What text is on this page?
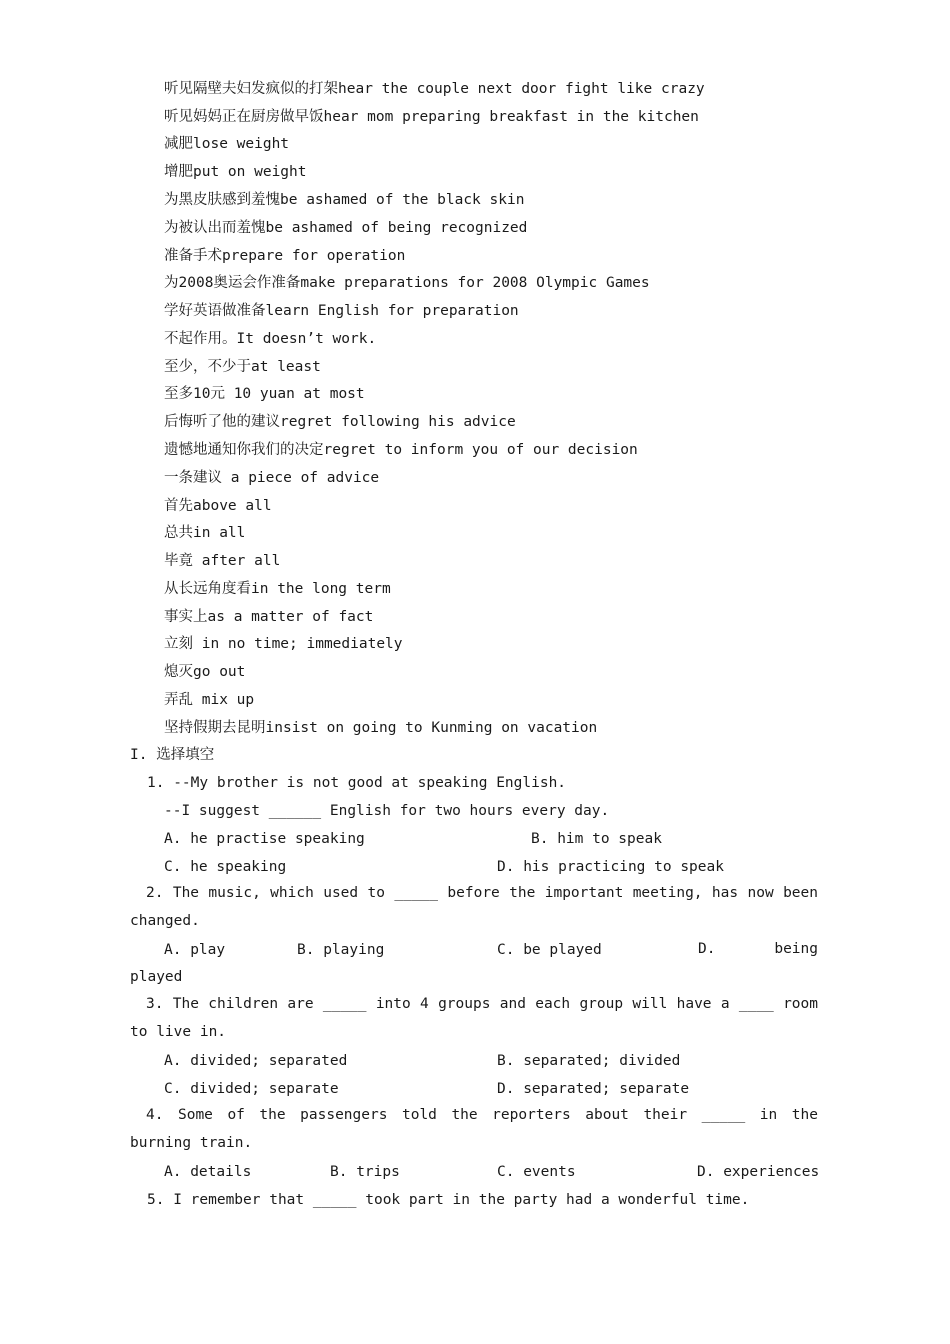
听见隔壁夫妇发疯似的打架hear the couple next door fight like crazy
听见妈妈正在厨房做早饭hear mom preparing breakfast in the kitchen
减肥lose weight
增肥put on weight
为黑皮肤感到羞愧be ashamed of the black skin
为被认出而羞愧be ashamed of being recognized
准备手术prepare for operation
为2008奥运会作准备make preparations for 2008 Olympic Games
学好英语做准备learn English for preparation
不起作用。It doesn’t work.
至少，不少于at least
至多10元 10 yuan at most
后悔听了他的建议regret following his advice
遗憾地通知你我们的决定regret to inform you of our decision
一条建议 a piece of advice
首先above all
总共in all
毕竟 after all
从长远角度看in the long term
事实上as a matter of fact
立刻 in no time; immediately
熄灭go out
弄乱 mix up
坚持假期去昆明insist on going to Kunming on vacation
I. 选择填空
1. --My brother is not good at speaking English.
--I suggest ______ English for two hours every day.
A. he practise speaking	B. him to speak
C. he speaking	D. his practicing to speak
2. The music, which used to _____ before the important meeting, has now been changed.
A. play	B. playing	C. be played	D. being played
3. The children are _____ into 4 groups and each group will have a ____ room to live in.
A. divided; separated	B. separated; divided
C. divided; separate	D. separated; separate
4. Some of the passengers told the reporters about their _____ in the burning train.
A. details	B. trips	C. events	D. experiences
5. I remember that _____ took part in the party had a wonderful time.
